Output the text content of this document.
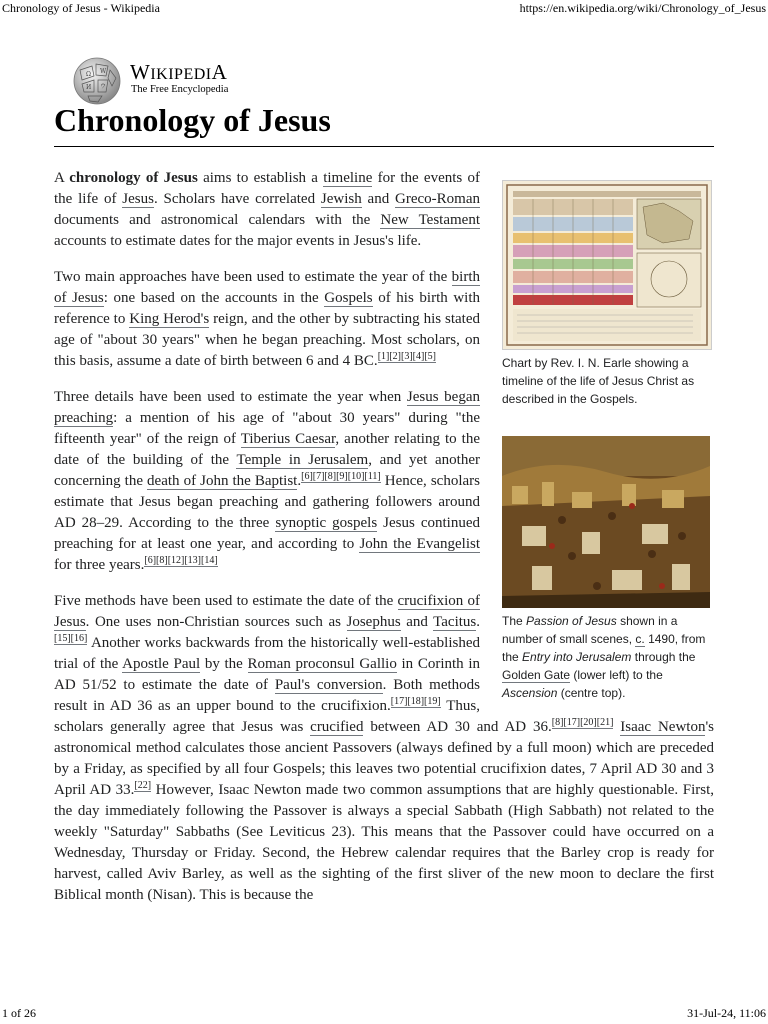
Chronology of Jesus - Wikipedia	https://en.wikipedia.org/wiki/Chronology_of_Jesus
Ω W
И ウ
WIKIPEDIA
The Free Encyclopedia
Chronology of Jesus
Chart by Rev. I. N. Earle showing a timeline of the life of Jesus Christ as described in the Gospels.
The Passion of Jesus shown in a number of small scenes, c. 1490, from the Entry into Jerusalem through the Golden Gate (lower left) to the Ascension (centre top).

A chronology of Jesus aims to establish a timeline for the events of the life of Jesus. Scholars have correlated Jewish and Greco-Roman documents and astronomical calendars with the New Testament accounts to estimate dates for the major events in Jesus's life.

Two main approaches have been used to estimate the year of the birth of Jesus: one based on the accounts in the Gospels of his birth with reference to King Herod's reign, and the other by subtracting his stated age of "about 30 years" when he began preaching. Most scholars, on this basis, assume a date of birth between 6 and 4 BC.[1][2][3][4][5]

Three details have been used to estimate the year when Jesus began preaching: a mention of his age of "about 30 years" during "the fifteenth year" of the reign of Tiberius Caesar, another relating to the date of the building of the Temple in Jerusalem, and yet another concerning the death of John the Baptist.[6][7][8][9][10][11] Hence, scholars estimate that Jesus began preaching and gathering followers around AD 28–29. According to the three synoptic gospels Jesus continued preaching for at least one year, and according to John the Evangelist for three years.[6][8][12][13][14]

Five methods have been used to estimate the date of the crucifixion of Jesus. One uses non-Christian sources such as Josephus and Tacitus.[15][16] Another works backwards from the historically well-established trial of the Apostle Paul by the Roman proconsul Gallio in Corinth in AD 51/52 to estimate the date of Paul's conversion. Both methods result in AD 36 as an upper bound to the crucifixion.[17][18][19] Thus, scholars generally agree that Jesus was crucified between AD 30 and AD 36.[8][17][20][21] Isaac Newton's astronomical method calculates those ancient Passovers (always defined by a full moon) which are preceded by a Friday, as specified by all four Gospels; this leaves two potential crucifixion dates, 7 April AD 30 and 3 April AD 33.[22] However, Isaac Newton made two common assumptions that are highly questionable. First, the day immediately following the Passover is always a special Sabbath (High Sabbath) not related to the weekly "Saturday" Sabbaths (See Leviticus 23). This means that the Passover could have occurred on a Wednesday, Thursday or Friday. Second, the Hebrew calendar requires that the Barley crop is ready for harvest, called Aviv Barley, as well as the sighting of the first sliver of the new moon to declare the first Biblical month (Nisan). This is because the

1 of 26	31-Jul-24, 11:06
